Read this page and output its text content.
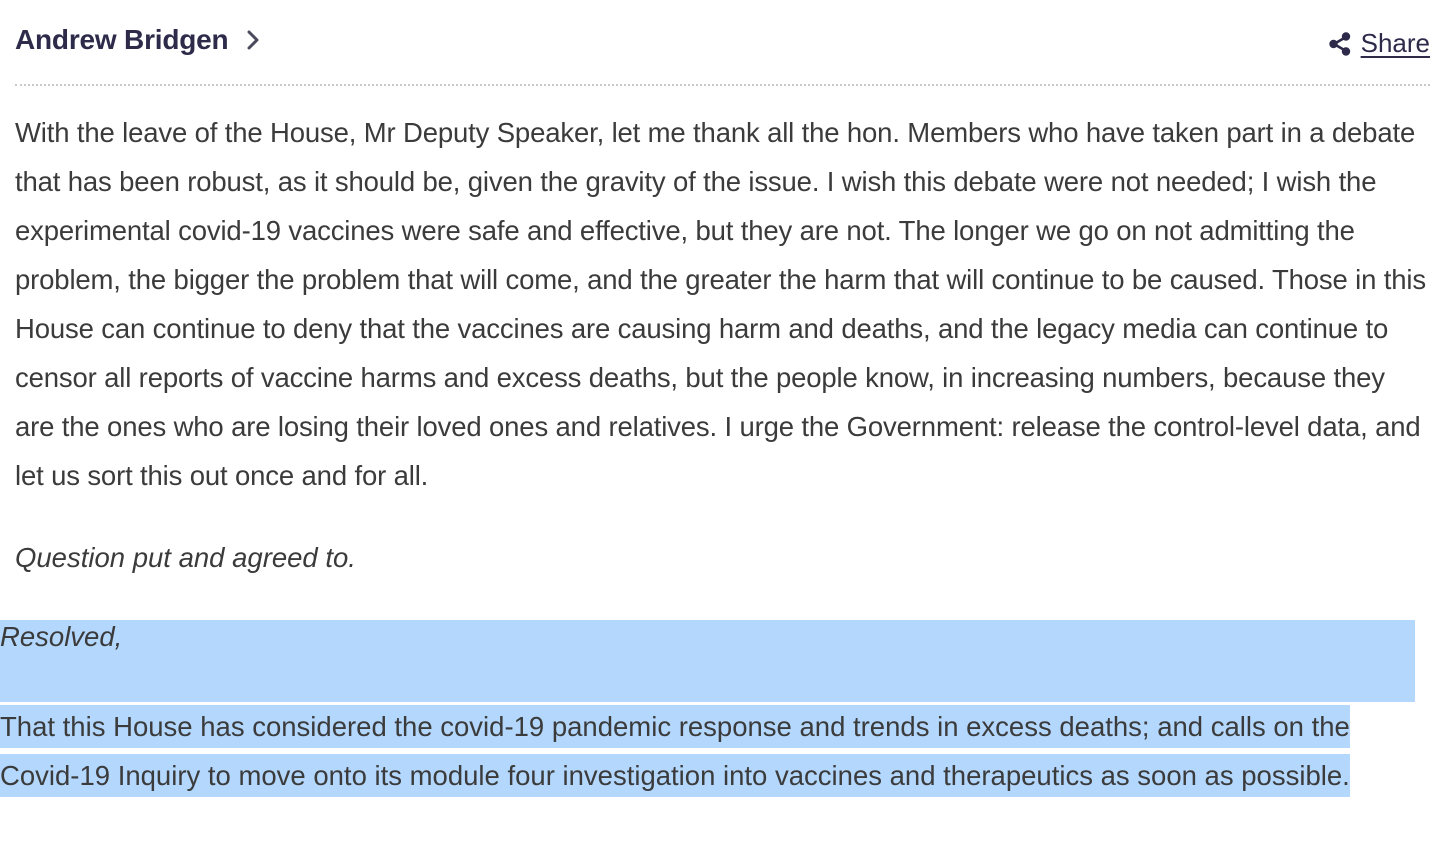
Andrew Bridgen	Share

With the leave of the House, Mr Deputy Speaker, let me thank all the hon. Members who have taken part in a debate that has been robust, as it should be, given the gravity of the issue. I wish this debate were not needed; I wish the experimental covid-19 vaccines were safe and effective, but they are not. The longer we go on not admitting the problem, the bigger the problem that will come, and the greater the harm that will continue to be caused. Those in this House can continue to deny that the vaccines are causing harm and deaths, and the legacy media can continue to censor all reports of vaccine harms and excess deaths, but the people know, in increasing numbers, because they are the ones who are losing their loved ones and relatives. I urge the Government: release the control-level data, and let us sort this out once and for all.

Question put and agreed to.

Resolved,

That this House has considered the covid-19 pandemic response and trends in excess deaths; and calls on the Covid-19 Inquiry to move onto its module four investigation into vaccines and therapeutics as soon as possible.
